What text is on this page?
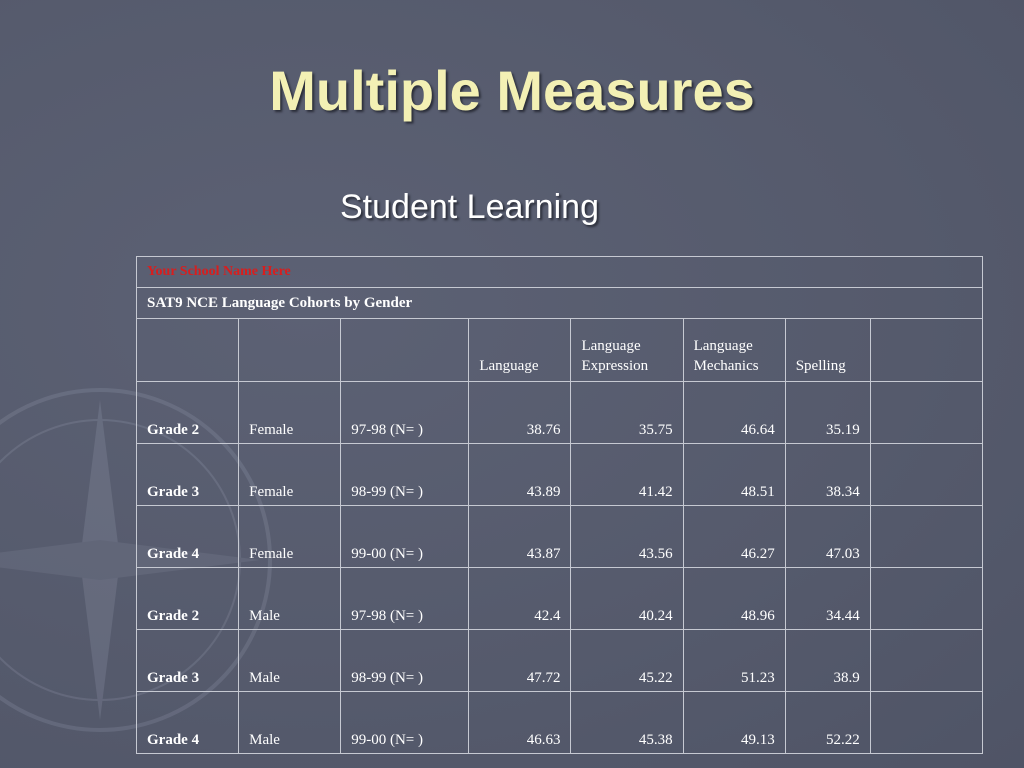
Multiple Measures
Student Learning
Your School Name Here							
SAT9 NCE Language Cohorts by Gender							
			Language	Language Expression	Language Mechanics	Spelling	
Grade 2	Female	97-98 (N= )	38.76	35.75	46.64	35.19	
Grade 3	Female	98-99 (N= )	43.89	41.42	48.51	38.34	
Grade 4	Female	99-00 (N= )	43.87	43.56	46.27	47.03	
Grade 2	Male	97-98 (N= )	42.4	40.24	48.96	34.44	
Grade 3	Male	98-99 (N= )	47.72	45.22	51.23	38.9	
Grade 4	Male	99-00 (N= )	46.63	45.38	49.13	52.22	
